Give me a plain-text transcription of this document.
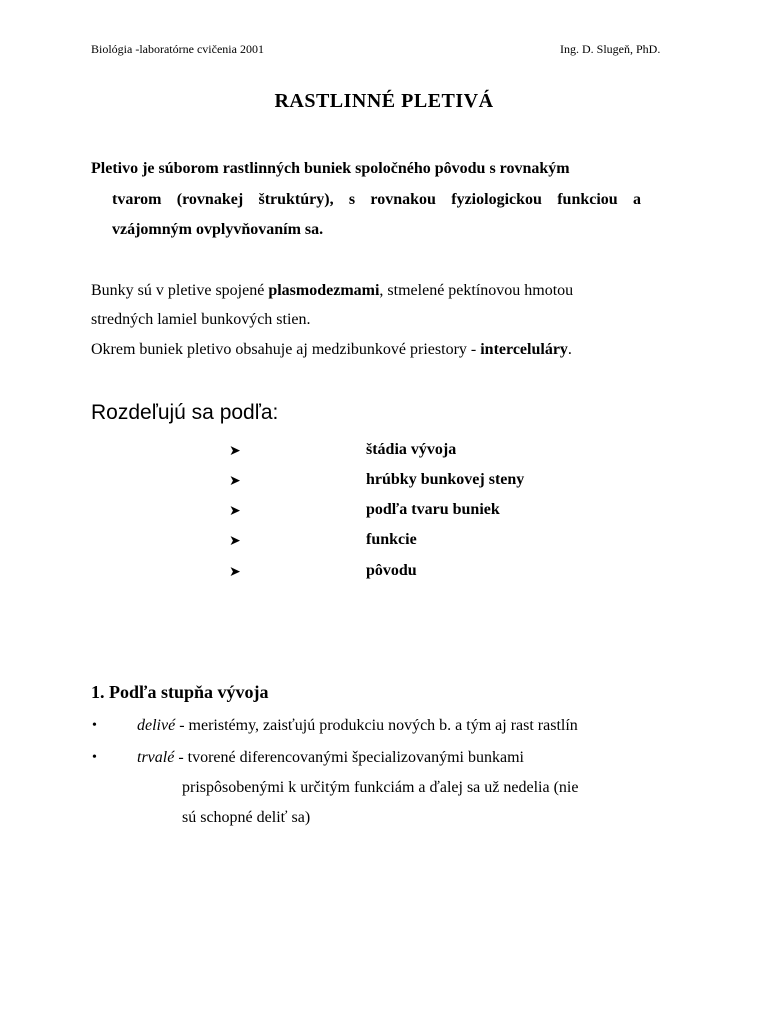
Biológia -laboratórne cvičenia 2001	Ing. D. Slugeň, PhD.
RASTLINNÉ PLETIVÁ
Pletivo je súborom rastlinných buniek spoločného pôvodu s rovnakým
tvarom (rovnakej štruktúry), s rovnakou fyziologickou funkciou a
vzájomným ovplyvňovaním sa.
Bunky sú v pletive spojené plasmodezmami, stmelené pektínovou hmotou
stredných lamiel bunkových stien.
Okrem buniek pletivo obsahuje aj medzibunkové priestory - interceluláry.
Rozdeľujú sa podľa:
➤	štádia vývoja
➤	hrúbky bunkovej steny
➤	podľa tvaru buniek
➤	funkcie
➤	pôvodu
1. Podľa stupňa vývoja
•	delivé - meristémy, zaisťujú produkciu nových b. a tým aj rast rastlín
•	trvalé - tvorené diferencovanými špecializovanými bunkami
prispôsobenými k určitým funkciám a ďalej sa už nedelia (nie
sú schopné deliť sa)
